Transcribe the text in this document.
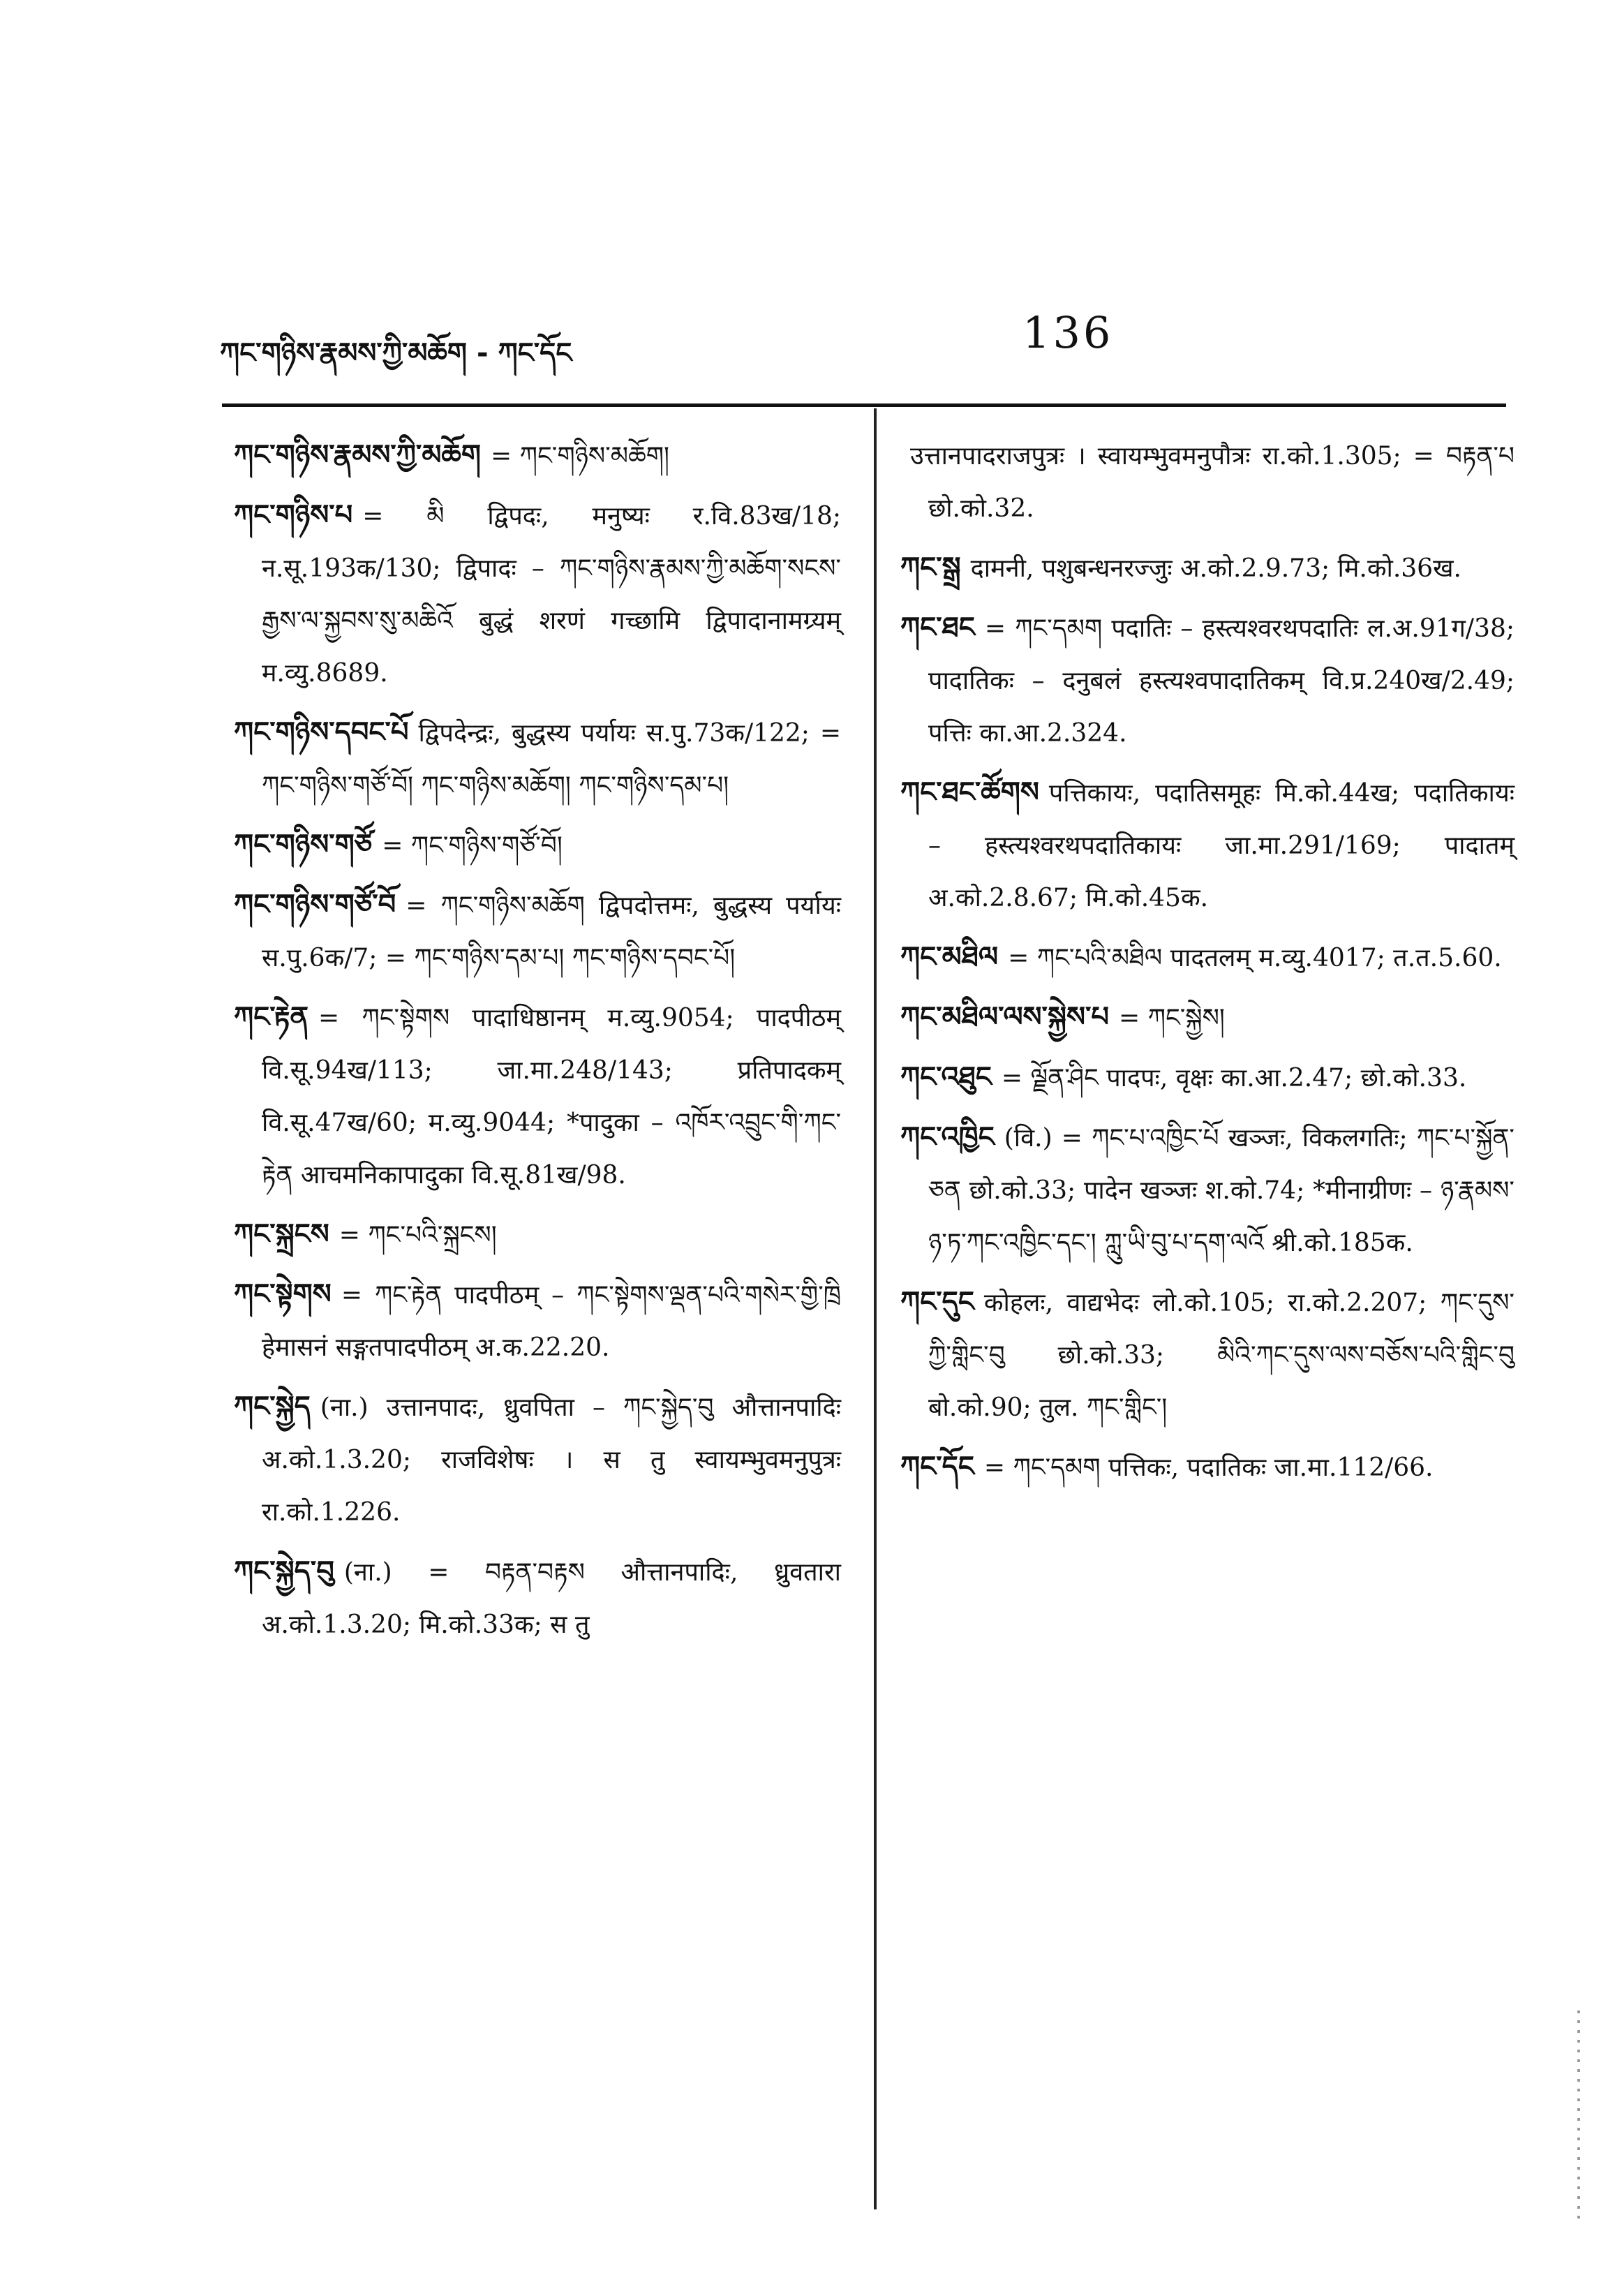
ཀང་གཉིས་རྣམས་ཀྱི་མཆོག - ཀང་དོང	136

ཀང་གཉིས་རྣམས་ཀྱི་མཆོག = ཀང་གཉིས་མཆོག།

ཀང་གཉིས་པ = མི द्विपदः, मनुष्यः र.वि.83ख/18; न.सू.193क/130; द्विपादः – ཀང་གཉིས་རྣམས་ཀྱི་མཆོག་སངས་རྒྱས་ལ་སྐྱབས་སུ་མཆིའོ बुद्धं शरणं गच्छामि द्विपादानामग्र्यम् म.व्यु.8689.

ཀང་གཉིས་དབང་པོ द्विपदेन्द्रः, बुद्धस्य पर्यायः स.पु.73क/122; = ཀང་གཉིས་གཙོ་བོ། ཀང་གཉིས་མཆོག། ཀང་གཉིས་དམ་པ།

ཀང་གཉིས་གཙོ = ཀང་གཉིས་གཙོ་བོ།

ཀང་གཉིས་གཙོ་བོ = ཀང་གཉིས་མཆོག द्विपदोत्तमः, बुद्धस्य पर्यायः स.पु.6क/7; = ཀང་གཉིས་དམ་པ། ཀང་གཉིས་དབང་པོ།

ཀང་རྟེན = ཀང་སྟེགས पादाधिष्ठानम् म.व्यु.9054; पादपीठम् वि.सू.94ख/113; जा.मा.248/143; प्रतिपादकम् वि.सू.47ख/60; म.व्यु.9044; *पादुका – འཁོར་འབྲུང་གི་ཀང་རྟེན आचमनिकापादुका वि.सू.81ख/98.

ཀང་སྐྲངས = ཀང་པའི་སྐྲངས།

ཀང་སྟེགས = ཀང་རྟེན पादपीठम् – ཀང་སྟེགས་ལྡན་པའི་གསེར་གྱི་ཁྲི हेमासनं सङ्गतपादपीठम् अ.क.22.20.

ཀང་སྐྱེད (ना.) उत्तानपादः, ध्रुवपिता – ཀང་སྐྱེད་བུ औत्तानपादिः अ.को.1.3.20; राजविशेषः । स तु स्वायम्भुवमनुपुत्रः रा.को.1.226.

ཀང་སྐྱེད་བུ (ना.) = བརྟན་བརྟས औत्तानपादिः, ध्रुवतारा अ.को.1.3.20; मि.को.33क; स तु

उत्तानपादराजपुत्रः । स्वायम्भुवमनुपौत्रः रा.को.1.305; = བརྟན་པ छो.को.32.

ཀང་སྒྲ दामनी, पशुबन्धनरज्जुः अ.को.2.9.73; मि.को.36ख.

ཀང་ཐང = ཀང་དམག पदातिः – हस्त्यश्वरथपदातिः ल.अ.91ग/38; पादातिकः – दनुबलं हस्त्यश्वपादातिकम् वि.प्र.240ख/2.49; पत्तिः का.आ.2.324.

ཀང་ཐང་ཚོགས पत्तिकायः, पदातिसमूहः मि.को.44ख; पदातिकायः – हस्त्यश्वरथपदातिकायः जा.मा.291/169; पादातम् अ.को.2.8.67; मि.को.45क.

ཀང་མཐིལ = ཀང་པའི་མཐིལ पादतलम् म.व्यु.4017; त.त.5.60.

ཀང་མཐིལ་ལས་སྐྱེས་པ = ཀང་སྐྱེས།

ཀང་འཐུང = ལྗོན་ཤིང पादपः, वृक्षः का.आ.2.47; छो.को.33.

ཀང་འཁྱིང (वि.) = ཀང་པ་འཁྱིང་པོ खञ्जः, विकलगतिः; ཀང་པ་སྐྱོན་ཅན छो.को.33; पादेन खञ्जः श.को.74; *मीनाग्रीणः – ཉ་རྣམས་ཉ་ཏ་ཀང་འཁྱིང་དང་། ཀླུ་ཡི་བུ་པ་དག་ལའོ श्री.को.185क.

ཀང་དུང कोहलः, वाद्यभेदः लो.को.105; रा.को.2.207; ཀང་དུས་ཀྱི་གླིང་བུ छो.को.33; མིའི་ཀང་དུས་ལས་བཅོས་པའི་གླིང་བུ बो.को.90; तुल. ཀང་གླིང་།

ཀང་དོང = ཀང་དམག पत्तिकः, पदातिकः जा.मा.112/66.
